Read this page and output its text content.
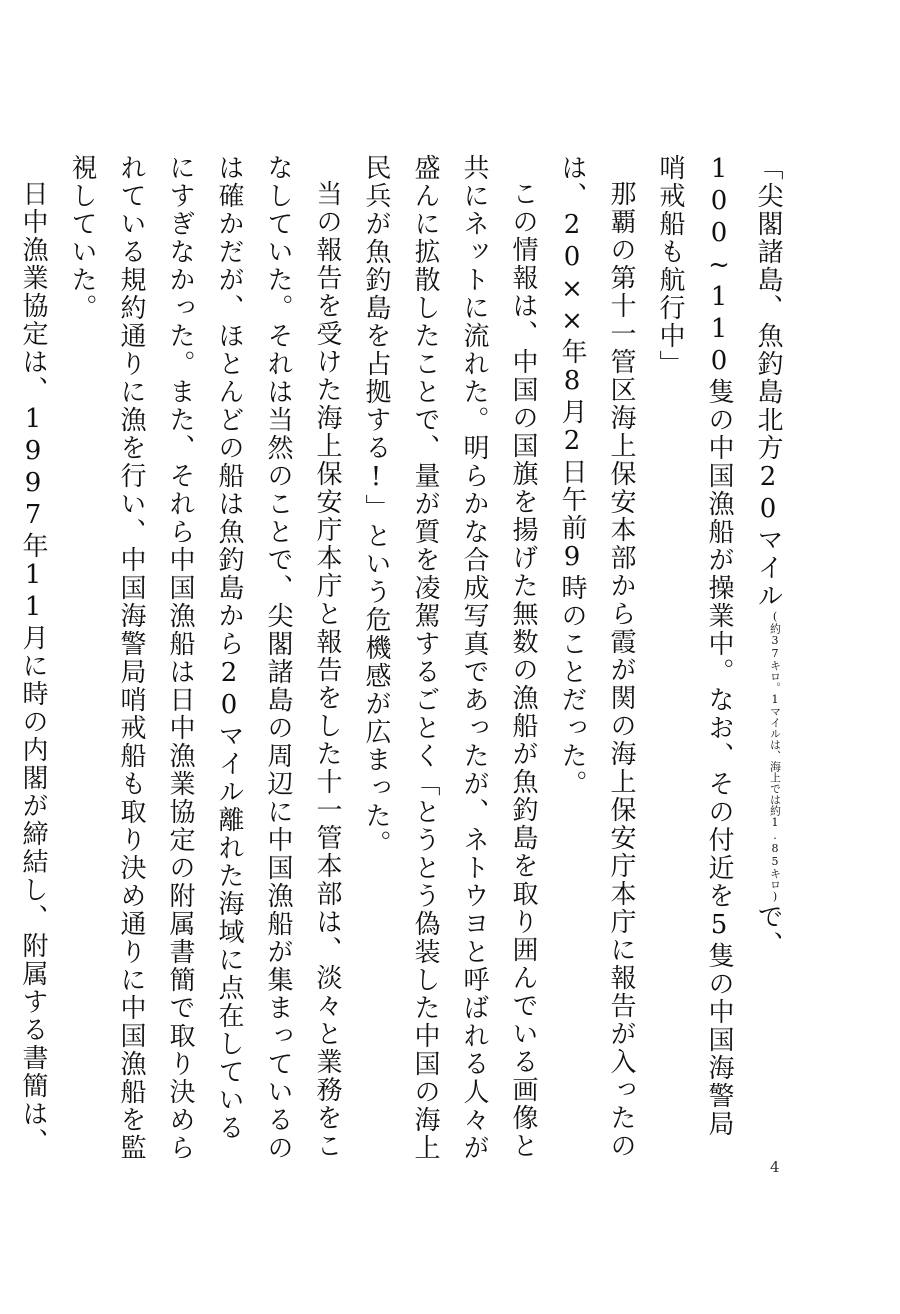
「尖閣諸島、魚釣島北方20マイル(約37キロ。1マイルは、海上では約1.85キロ)で、100~110隻の中国漁船が操業中。なお、その付近を5隻の中国海警局哨戒船も航行中」

那覇の第十一管区海上保安本部から霞が関の海上保安庁本庁に報告が入ったのは、20××年8月2日午前9時のことだった。

この情報は、中国の国旗を揚げた無数の漁船が魚釣島を取り囲んでいる画像と共にネットに流れた。明らかな合成写真であったが、ネトウヨと呼ばれる人々が盛んに拡散したことで、量が質を凌駕するごとく「とうとう偽装した中国の海上民兵が魚釣島を占拠する!」という危機感が広まった。

当の報告を受けた海上保安庁本庁と報告をした十一管本部は、淡々と業務をこなしていた。それは当然のことで、尖閣諸島の周辺に中国漁船が集まっているのは確かだが、ほとんどの船は魚釣島から20マイル離れた海域に点在しているにすぎなかった。また、それら中国漁船は日中漁業協定の附属書簡で取り決められている規約通りに漁を行い、中国海警局哨戒船も取り決め通りに中国漁船を監視していた。

日中漁業協定は、1997年11月に時の内閣が締結し、附属する書簡は、

4
